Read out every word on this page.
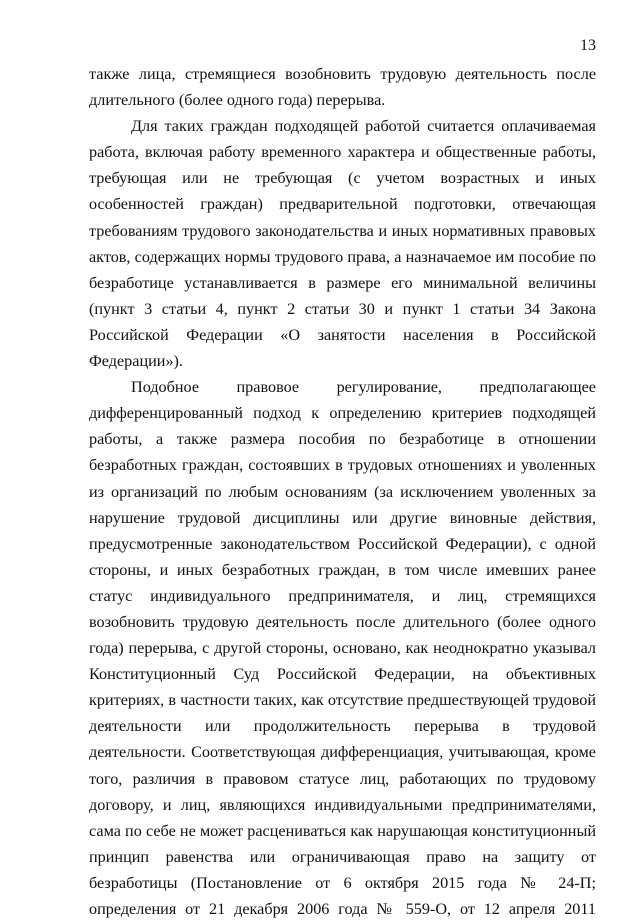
13

также лица, стремящиеся возобновить трудовую деятельность после длительного (более одного года) перерыва.

Для таких граждан подходящей работой считается оплачиваемая работа, включая работу временного характера и общественные работы, требующая или не требующая (с учетом возрастных и иных особенностей граждан) предварительной подготовки, отвечающая требованиям трудового законодательства и иных нормативных правовых актов, содержащих нормы трудового права, а назначаемое им пособие по безработице устанавливается в размере его минимальной величины (пункт 3 статьи 4, пункт 2 статьи 30 и пункт 1 статьи 34 Закона Российской Федерации «О занятости населения в Российской Федерации»).

Подобное правовое регулирование, предполагающее дифференцированный подход к определению критериев подходящей работы, а также размера пособия по безработице в отношении безработных граждан, состоявших в трудовых отношениях и уволенных из организаций по любым основаниям (за исключением уволенных за нарушение трудовой дисциплины или другие виновные действия, предусмотренные законодательством Российской Федерации), с одной стороны, и иных безработных граждан, в том числе имевших ранее статус индивидуального предпринимателя, и лиц, стремящихся возобновить трудовую деятельность после длительного (более одного года) перерыва, с другой стороны, основано, как неоднократно указывал Конституционный Суд Российской Федерации, на объективных критериях, в частности таких, как отсутствие предшествующей трудовой деятельности или продолжительность перерыва в трудовой деятельности. Соответствующая дифференциация, учитывающая, кроме того, различия в правовом статусе лиц, работающих по трудовому договору, и лиц, являющихся индивидуальными предпринимателями, сама по себе не может расцениваться как нарушающая конституционный принцип равенства или ограничивающая право на защиту от безработицы (Постановление от 6 октября 2015 года № 24-П; определения от 21 декабря 2006 года № 559-О, от 12 апреля 2011
